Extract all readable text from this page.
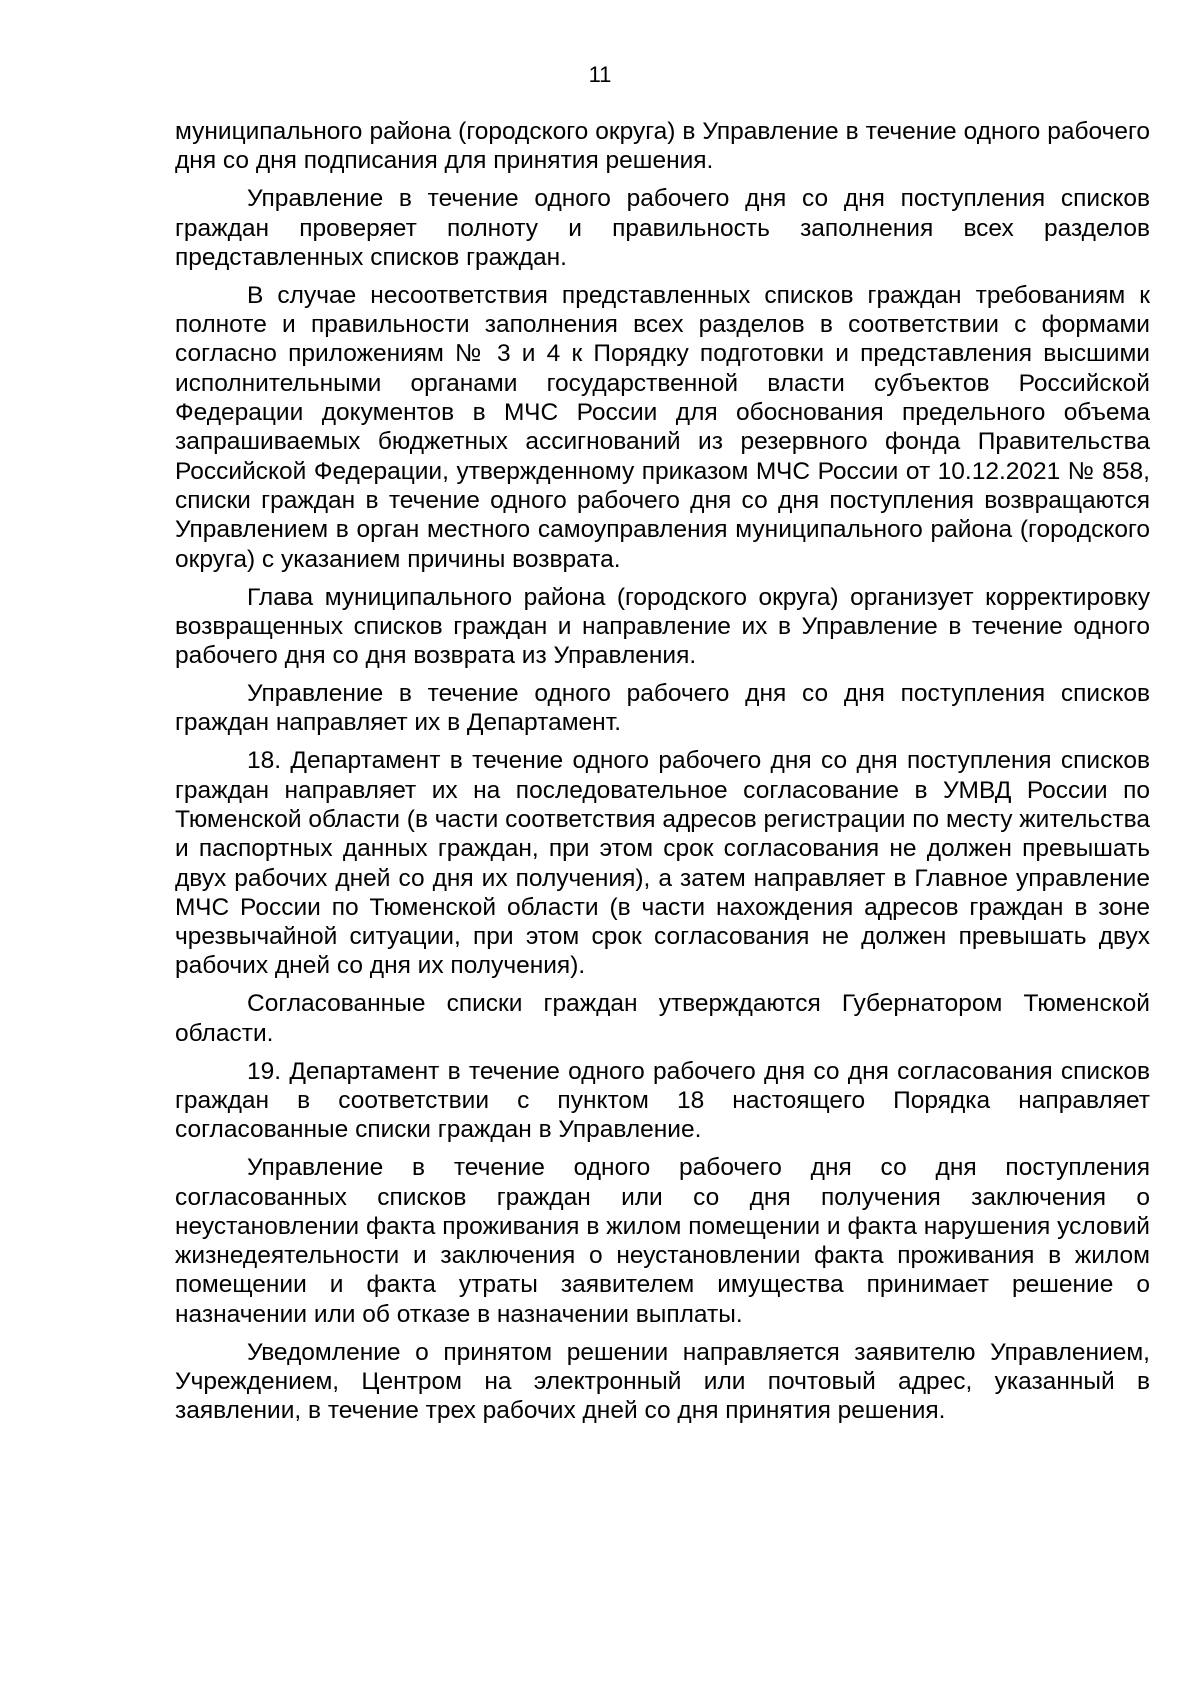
11

муниципального района (городского округа) в Управление в течение одного рабочего дня со дня подписания для принятия решения.

Управление в течение одного рабочего дня со дня поступления списков граждан проверяет полноту и правильность заполнения всех разделов представленных списков граждан.

В случае несоответствия представленных списков граждан требованиям к полноте и правильности заполнения всех разделов в соответствии с формами согласно приложениям № 3 и 4 к Порядку подготовки и представления высшими исполнительными органами государственной власти субъектов Российской Федерации документов в МЧС России для обоснования предельного объема запрашиваемых бюджетных ассигнований из резервного фонда Правительства Российской Федерации, утвержденному приказом МЧС России от 10.12.2021 № 858, списки граждан в течение одного рабочего дня со дня поступления возвращаются Управлением в орган местного самоуправления муниципального района (городского округа) с указанием причины возврата.

Глава муниципального района (городского округа) организует корректировку возвращенных списков граждан и направление их в Управление в течение одного рабочего дня со дня возврата из Управления.

Управление в течение одного рабочего дня со дня поступления списков граждан направляет их в Департамент.

18. Департамент в течение одного рабочего дня со дня поступления списков граждан направляет их на последовательное согласование в УМВД России по Тюменской области (в части соответствия адресов регистрации по месту жительства и паспортных данных граждан, при этом срок согласования не должен превышать двух рабочих дней со дня их получения), а затем направляет в Главное управление МЧС России по Тюменской области (в части нахождения адресов граждан в зоне чрезвычайной ситуации, при этом срок согласования не должен превышать двух рабочих дней со дня их получения).

Согласованные списки граждан утверждаются Губернатором Тюменской области.

19. Департамент в течение одного рабочего дня со дня согласования списков граждан в соответствии с пунктом 18 настоящего Порядка направляет согласованные списки граждан в Управление.

Управление в течение одного рабочего дня со дня поступления согласованных списков граждан или со дня получения заключения о неустановлении факта проживания в жилом помещении и факта нарушения условий жизнедеятельности и заключения о неустановлении факта проживания в жилом помещении и факта утраты заявителем имущества принимает решение о назначении или об отказе в назначении выплаты.

Уведомление о принятом решении направляется заявителю Управлением, Учреждением, Центром на электронный или почтовый адрес, указанный в заявлении, в течение трех рабочих дней со дня принятия решения.
